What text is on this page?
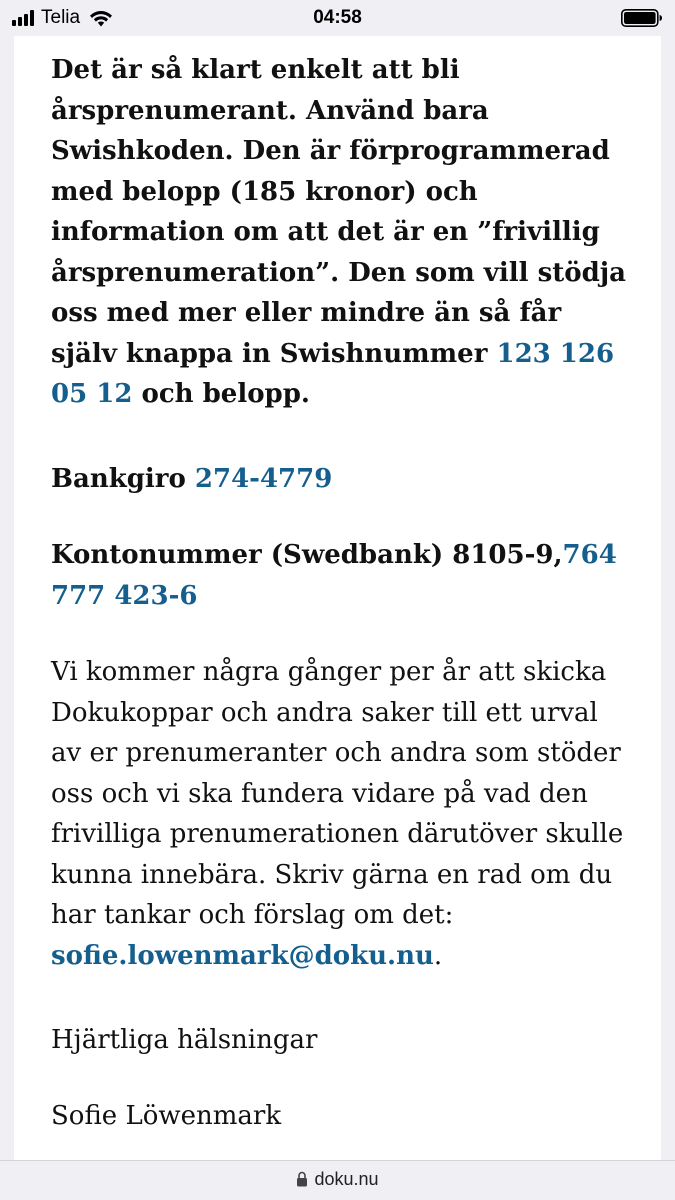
Telia	04:58

Det är så klart enkelt att bli årsprenumerant. Använd bara Swishkoden. Den är förprogrammerad med belopp (185 kronor) och information om att det är en ”frivillig årsprenumeration”. Den som vill stödja oss med mer eller mindre än så får själv knappa in Swishnummer 123 126 05 12 och belopp.

Bankgiro 274-4779

Kontonummer (Swedbank) 8105-9,764 777 423-6

Vi kommer några gånger per år att skicka Dokukoppar och andra saker till ett urval av er prenumeranter och andra som stöder oss och vi ska fundera vidare på vad den frivilliga prenumerationen därutöver skulle kunna innebära. Skriv gärna en rad om du har tankar och förslag om det: sofie.lowenmark@doku.nu.

Hjärtliga hälsningar

Sofie Löwenmark

doku.nu
